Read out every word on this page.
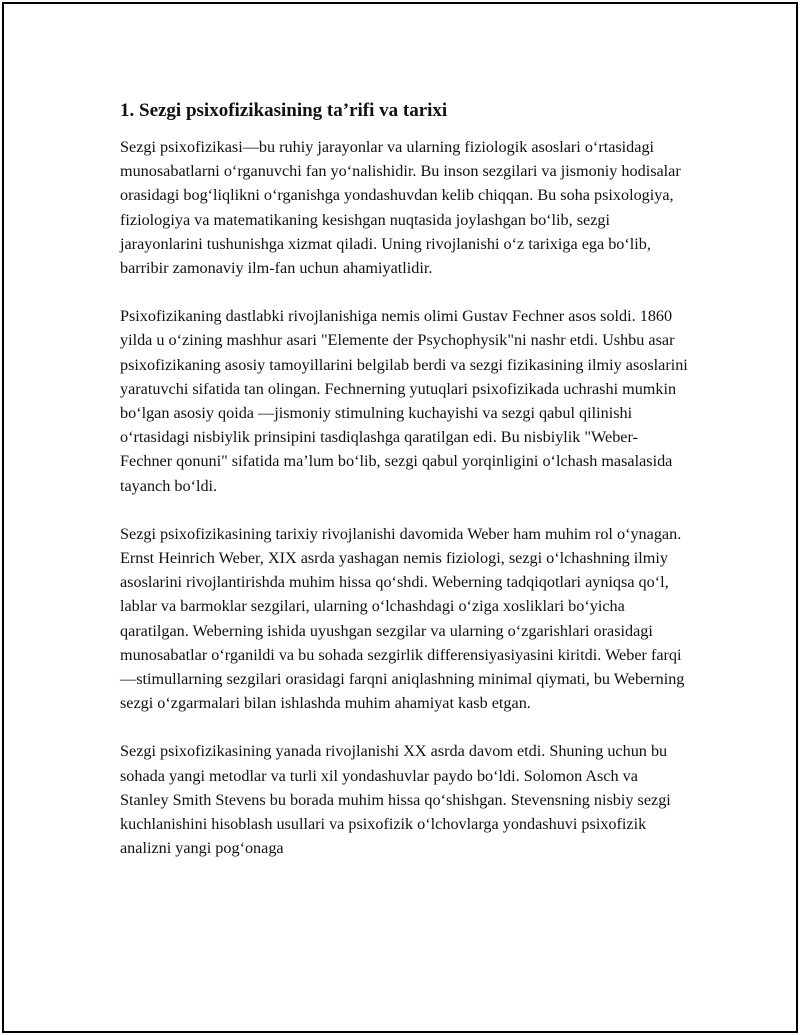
1. Sezgi psixofizikasining ta’rifi va tarixi

Sezgi psixofizikasi—bu ruhiy jarayonlar va ularning fiziologik asoslari o‘rtasidagi munosabatlarni o‘rganuvchi fan yo‘nalishidir. Bu inson sezgilari va jismoniy hodisalar orasidagi bog‘liqlikni o‘rganishga yondashuvdan kelib chiqqan. Bu soha psixologiya, fiziologiya va matematikaning kesishgan nuqtasida joylashgan bo‘lib, sezgi jarayonlarini tushunishga xizmat qiladi. Uning rivojlanishi o‘z tarixiga ega bo‘lib, barribir zamonaviy ilm-fan uchun ahamiyatlidir.

Psixofizikaning dastlabki rivojlanishiga nemis olimi Gustav Fechner asos soldi. 1860 yilda u o‘zining mashhur asari "Elemente der Psychophysik"ni nashr etdi. Ushbu asar psixofizikaning asosiy tamoyillarini belgilab berdi va sezgi fizikasining ilmiy asoslarini yaratuvchi sifatida tan olingan. Fechnerning yutuqlari psixofizikada uchrashi mumkin bo‘lgan asosiy qoida —jismoniy stimulning kuchayishi va sezgi qabul qilinishi o‘rtasidagi nisbiylik prinsipini tasdiqlashga qaratilgan edi. Bu nisbiylik "Weber-Fechner qonuni" sifatida ma’lum bo‘lib, sezgi qabul yorqinligini o‘lchash masalasida tayanch bo‘ldi.

Sezgi psixofizikasining tarixiy rivojlanishi davomida Weber ham muhim rol o‘ynagan. Ernst Heinrich Weber, XIX asrda yashagan nemis fiziologi, sezgi o‘lchashning ilmiy asoslarini rivojlantirishda muhim hissa qo‘shdi. Weberning tadqiqotlari ayniqsa qo‘l, lablar va barmoklar sezgilari, ularning o‘lchashdagi o‘ziga xosliklari bo‘yicha qaratilgan. Weberning ishida uyushgan sezgilar va ularning o‘zgarishlari orasidagi munosabatlar o‘rganildi va bu sohada sezgirlik differensiyasiyasini kiritdi. Weber farqi—stimullarning sezgilari orasidagi farqni aniqlashning minimal qiymati, bu Weberning sezgi o‘zgarmalari bilan ishlashda muhim ahamiyat kasb etgan.

Sezgi psixofizikasining yanada rivojlanishi XX asrda davom etdi. Shuning uchun bu sohada yangi metodlar va turli xil yondashuvlar paydo bo‘ldi. Solomon Asch va Stanley Smith Stevens bu borada muhim hissa qo‘shishgan. Stevensning nisbiy sezgi kuchlanishini hisoblash usullari va psixofizik o‘lchovlarga yondashuvi psixofizik analizni yangi pog‘onaga
